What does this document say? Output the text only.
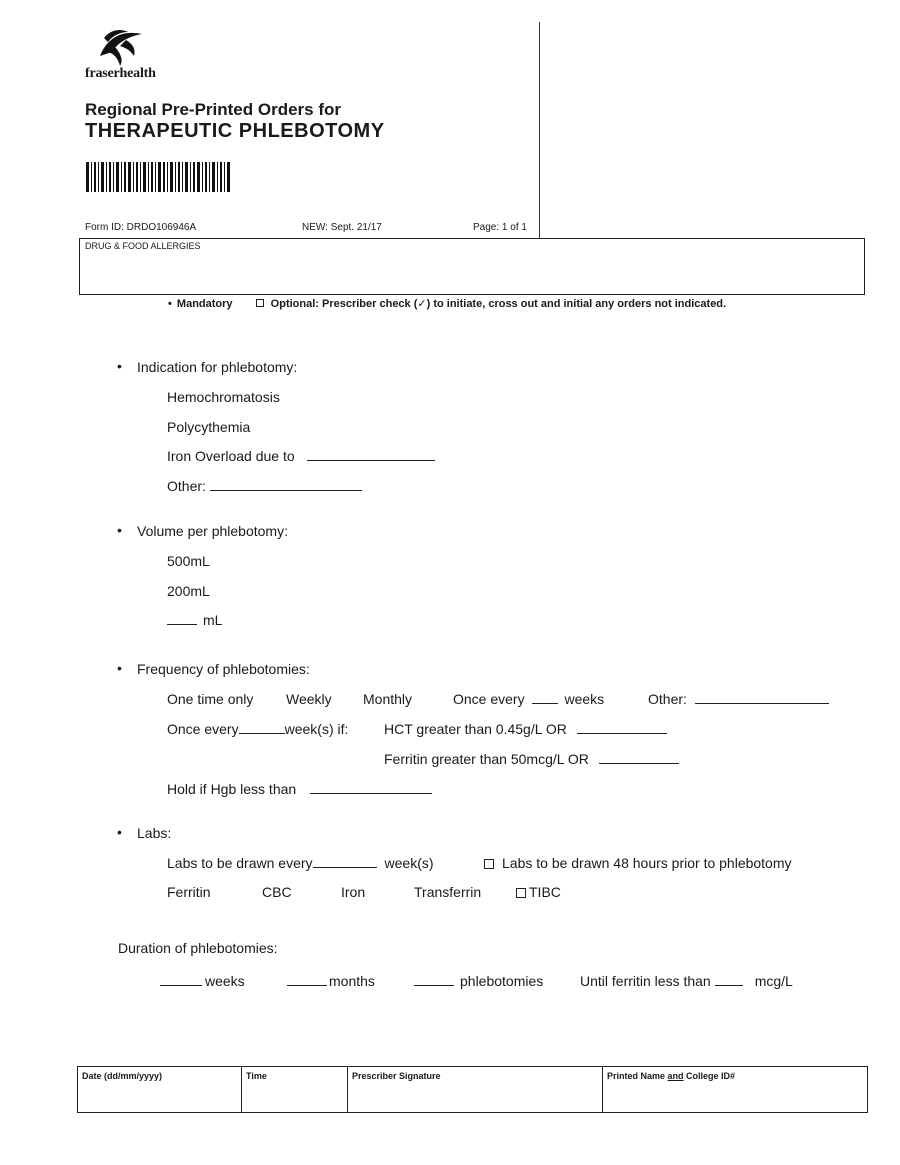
fraserhealth
Regional Pre-Printed Orders for
THERAPEUTIC PHLEBOTOMY
Form ID: DRDO106946A	NEW: Sept. 21/17	Page: 1 of 1
DRUG & FOOD ALLERGIES
• Mandatory	Optional: Prescriber check (✓) to initiate, cross out and initial any orders not indicated.
• Indication for phlebotomy:
Hemochromatosis
Polycythemia
Iron Overload due to
Other:
• Volume per phlebotomy:
500mL
200mL
mL
• Frequency of phlebotomies:
One time only Weekly Monthly	Once every	weeks	Other:
Once every	week(s) if:	HCT greater than 0.45g/L OR
Ferritin greater than 50mcg/L OR
Hold if Hgb less than
• Labs:
Labs to be drawn every	week(s)	Labs to be drawn 48 hours prior to phlebotomy
Ferritin	CBC	Iron	Transferrin	TIBC
Duration of phlebotomies:
weeks	months	phlebotomies	Until ferritin less than	mcg/L
Date (dd/mm/yyyy)	Time	Prescriber Signature	Printed Name and College ID#
